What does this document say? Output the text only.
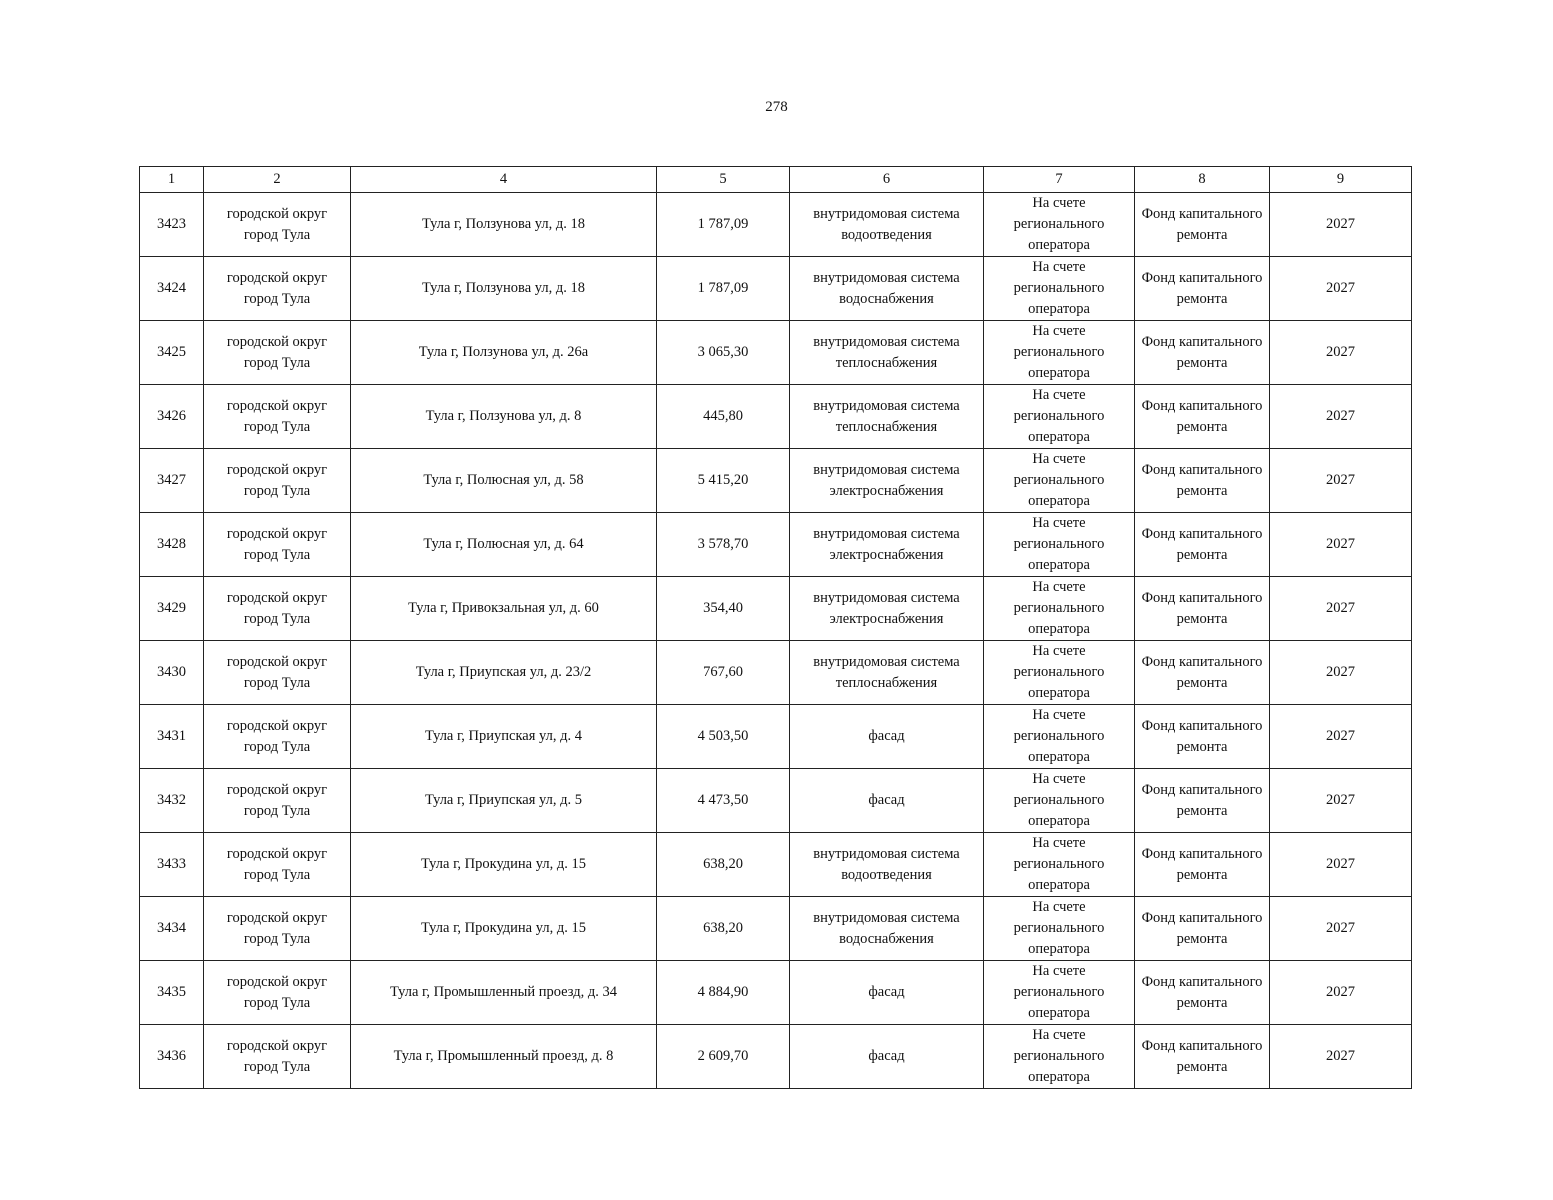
278
1	2	4	5	6	7	8	9
3423	городской округ город Тула	Тула г, Ползунова ул, д. 18	1 787,09	внутридомовая система водоотведения	На счете регионального оператора	Фонд капитального ремонта	2027
3424	городской округ город Тула	Тула г, Ползунова ул, д. 18	1 787,09	внутридомовая система водоснабжения	На счете регионального оператора	Фонд капитального ремонта	2027
3425	городской округ город Тула	Тула г, Ползунова ул, д. 26а	3 065,30	внутридомовая система теплоснабжения	На счете регионального оператора	Фонд капитального ремонта	2027
3426	городской округ город Тула	Тула г, Ползунова ул, д. 8	445,80	внутридомовая система теплоснабжения	На счете регионального оператора	Фонд капитального ремонта	2027
3427	городской округ город Тула	Тула г, Полюсная ул, д. 58	5 415,20	внутридомовая система электроснабжения	На счете регионального оператора	Фонд капитального ремонта	2027
3428	городской округ город Тула	Тула г, Полюсная ул, д. 64	3 578,70	внутридомовая система электроснабжения	На счете регионального оператора	Фонд капитального ремонта	2027
3429	городской округ город Тула	Тула г, Привокзальная ул, д. 60	354,40	внутридомовая система электроснабжения	На счете регионального оператора	Фонд капитального ремонта	2027
3430	городской округ город Тула	Тула г, Приупская ул, д. 23/2	767,60	внутридомовая система теплоснабжения	На счете регионального оператора	Фонд капитального ремонта	2027
3431	городской округ город Тула	Тула г, Приупская ул, д. 4	4 503,50	фасад	На счете регионального оператора	Фонд капитального ремонта	2027
3432	городской округ город Тула	Тула г, Приупская ул, д. 5	4 473,50	фасад	На счете регионального оператора	Фонд капитального ремонта	2027
3433	городской округ город Тула	Тула г, Прокудина ул, д. 15	638,20	внутридомовая система водоотведения	На счете регионального оператора	Фонд капитального ремонта	2027
3434	городской округ город Тула	Тула г, Прокудина ул, д. 15	638,20	внутридомовая система водоснабжения	На счете регионального оператора	Фонд капитального ремонта	2027
3435	городской округ город Тула	Тула г, Промышленный проезд, д. 34	4 884,90	фасад	На счете регионального оператора	Фонд капитального ремонта	2027
3436	городской округ город Тула	Тула г, Промышленный проезд, д. 8	2 609,70	фасад	На счете регионального оператора	Фонд капитального ремонта	2027
